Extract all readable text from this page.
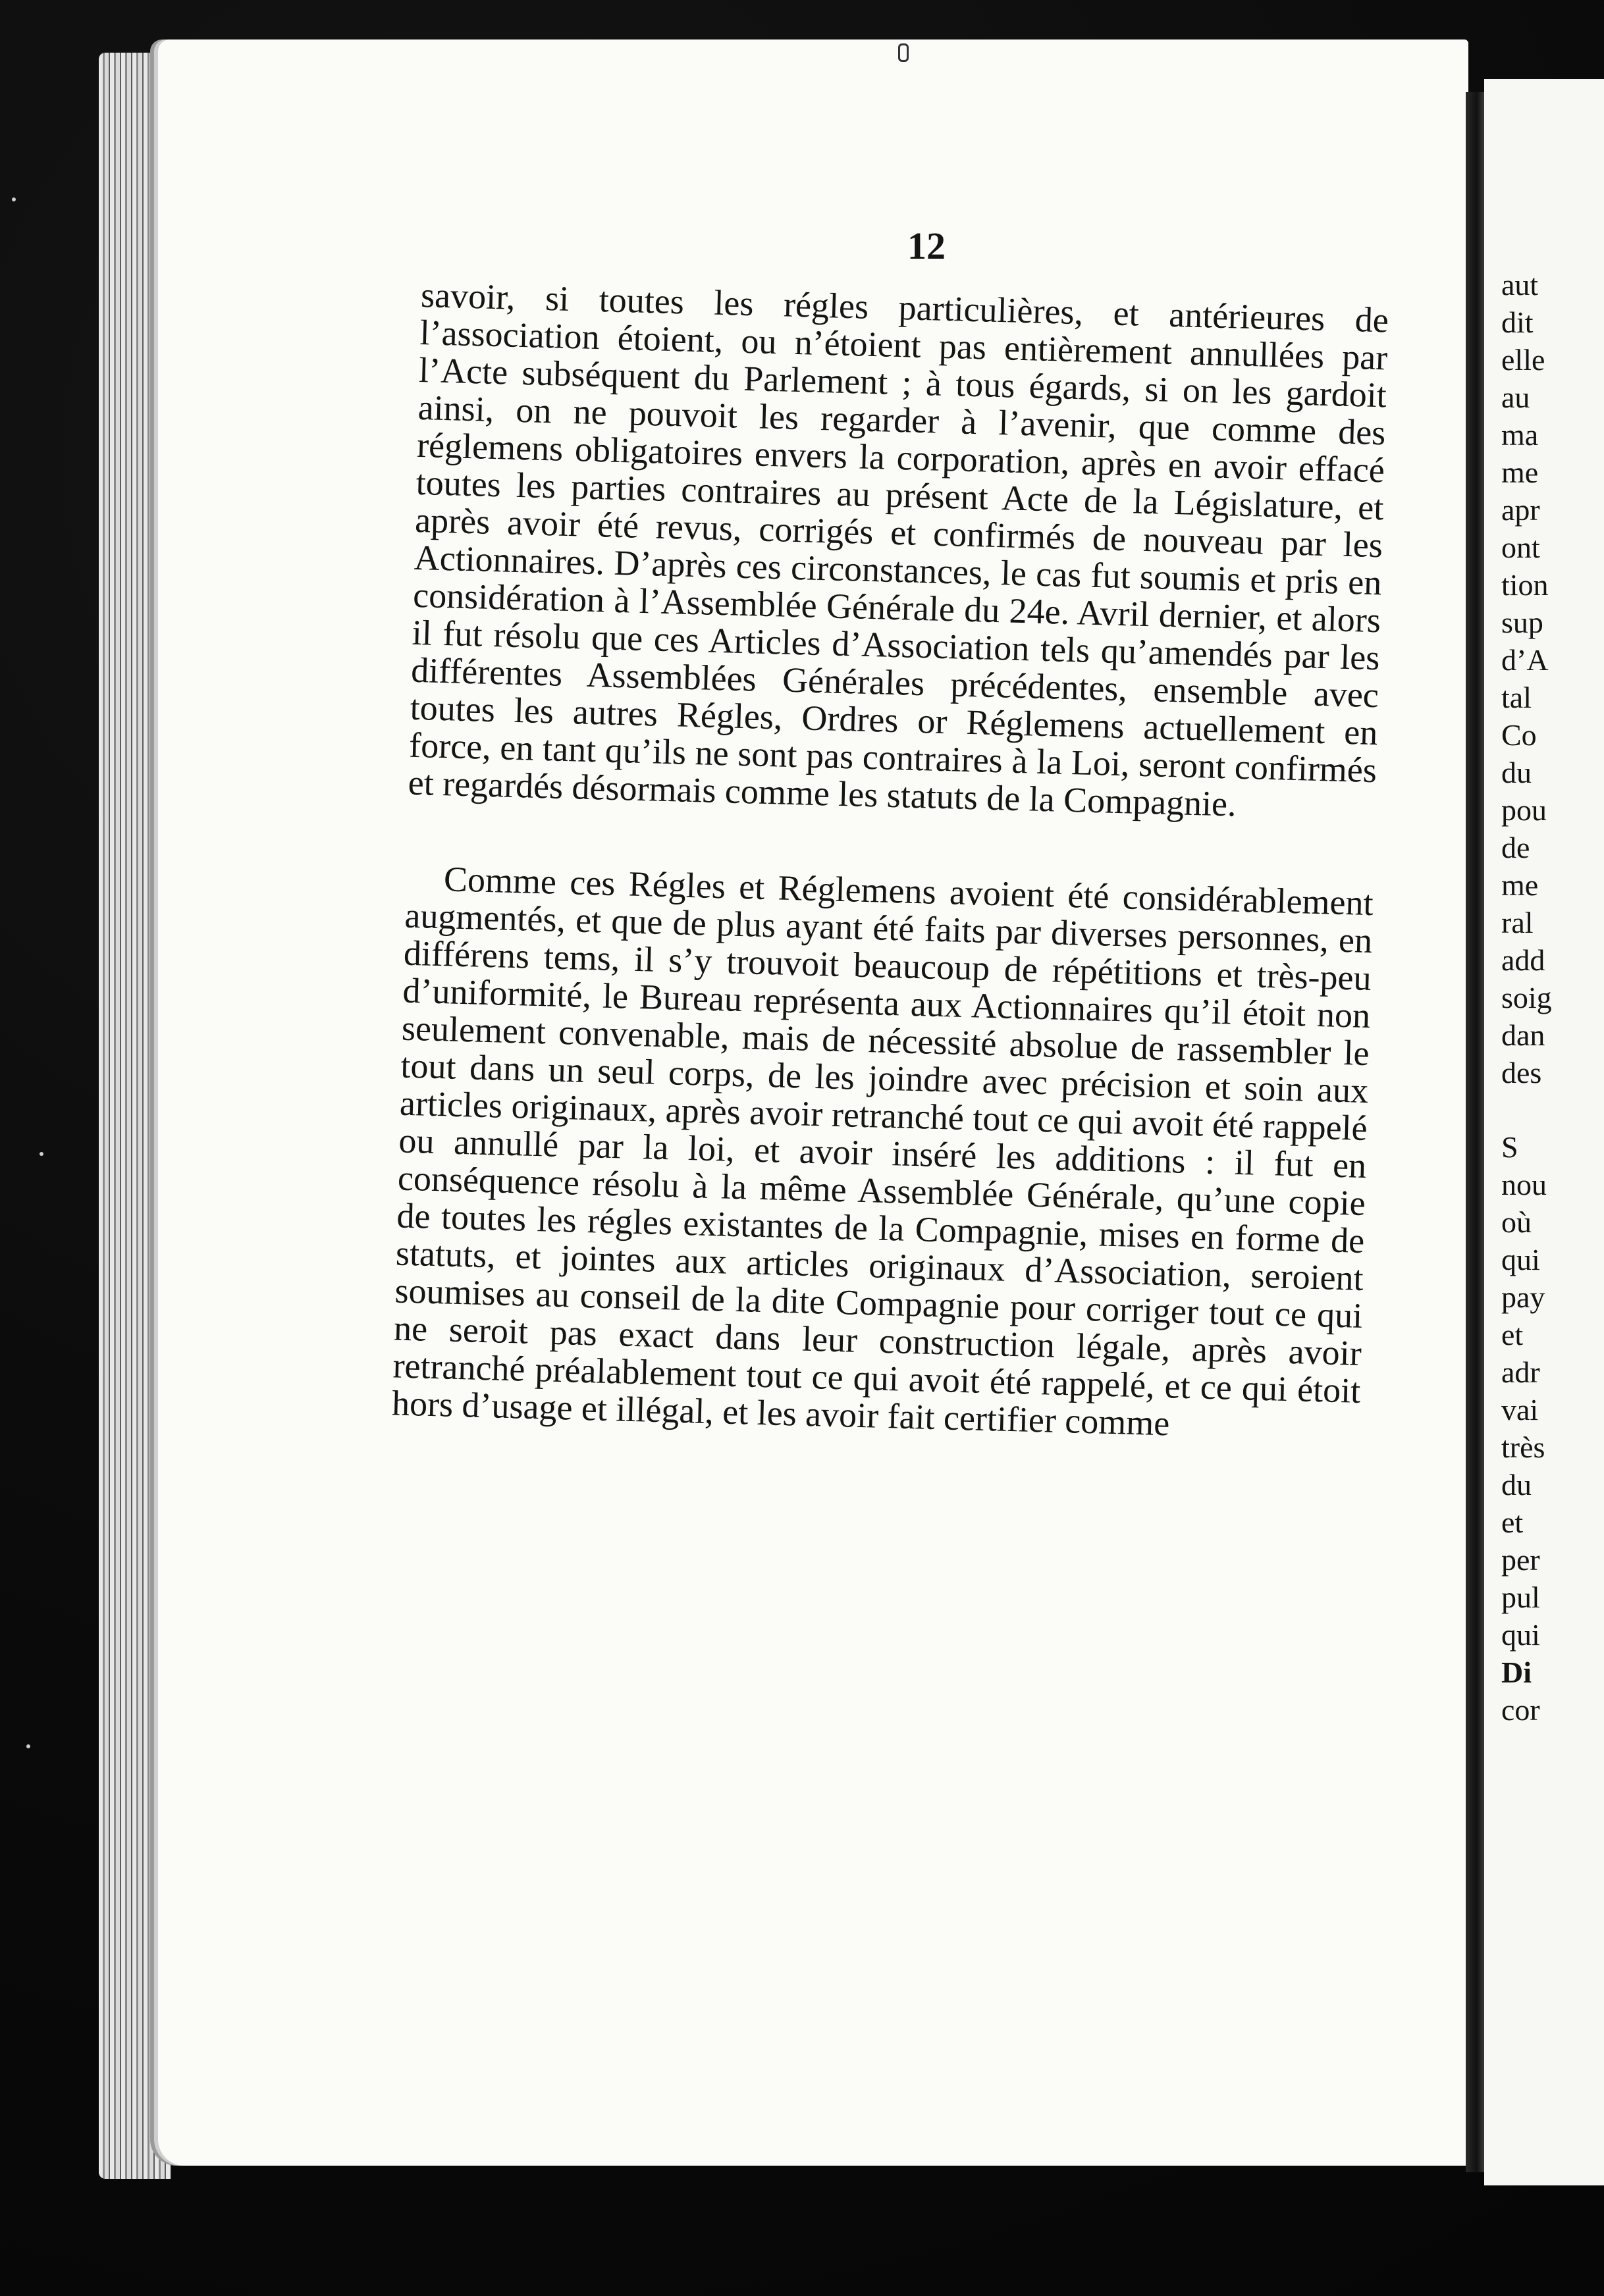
12

savoir, si toutes les régles particulières, et antérieures de l’association étoient, ou n’étoient pas entièrement annullées par l’Acte subséquent du Parlement ; à tous égards, si on les gardoit ainsi, on ne pouvoit les regarder à l’avenir, que comme des réglemens obligatoires envers la corporation, après en avoir effacé toutes les parties contraires au présent Acte de la Législature, et après avoir été revus, corrigés et confirmés de nouveau par les Actionnaires. D’après ces circonstances, le cas fut soumis et pris en considération à l’Assemblée Générale du 24e. Avril dernier, et alors il fut résolu que ces Articles d’Association tels qu’amendés par les différentes Assemblées Générales précédentes, ensemble avec toutes les autres Régles, Ordres or Réglemens actuellement en force, en tant qu’ils ne sont pas contraires à la Loi, seront confirmés et regardés désormais comme les statuts de la Compagnie.

Comme ces Régles et Réglemens avoient été considérablement augmentés, et que de plus ayant été faits par diverses personnes, en différens tems, il s’y trouvoit beaucoup de répétitions et très-peu d’uniformité, le Bureau représenta aux Actionnaires qu’il étoit non seulement convenable, mais de nécessité absolue de rassembler le tout dans un seul corps, de les joindre avec précision et soin aux articles originaux, après avoir retranché tout ce qui avoit été rappelé ou annullé par la loi, et avoir inséré les additions : il fut en conséquence résolu à la même Assemblée Générale, qu’une copie de toutes les régles existantes de la Compagnie, mises en forme de statuts, et jointes aux articles originaux d’Association, seroient soumises au conseil de la dite Compagnie pour corriger tout ce qui ne seroit pas exact dans leur construction légale, après avoir retranché préalablement tout ce qui avoit été rappelé, et ce qui étoit hors d’usage et illégal, et les avoir fait certifier comme

aut
dit
elle
au
ma
me
apr
ont
tion
sup
d’A
tal
Co
du
pou
de
me
ral
add
soig
dan
des
S
nou
où
qui
pay
et
adr
vai
très
du
et
per
pul
qui
Di
cor
